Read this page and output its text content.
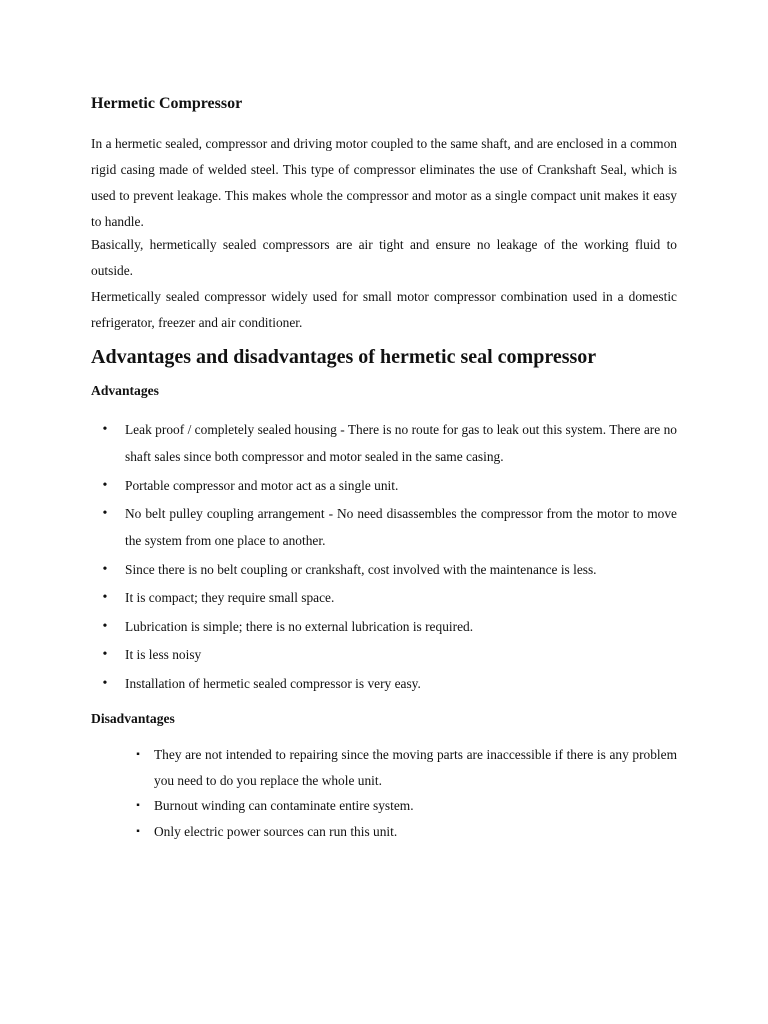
Hermetic Compressor

In a hermetic sealed, compressor and driving motor coupled to the same shaft, and are enclosed in a common rigid casing made of welded steel. This type of compressor eliminates the use of Crankshaft Seal, which is used to prevent leakage. This makes whole the compressor and motor as a single compact unit makes it easy to handle.

Basically, hermetically sealed compressors are air tight and ensure no leakage of the working fluid to outside.

Hermetically sealed compressor widely used for small motor compressor combination used in a domestic refrigerator, freezer and air conditioner.

Advantages and disadvantages of hermetic seal compressor
Advantages
• Leak proof / completely sealed housing - There is no route for gas to leak out this system. There are no shaft sales since both compressor and motor sealed in the same casing.
• Portable compressor and motor act as a single unit.
• No belt pulley coupling arrangement - No need disassembles the compressor from the motor to move the system from one place to another.
• Since there is no belt coupling or crankshaft, cost involved with the maintenance is less.
• It is compact; they require small space.
• Lubrication is simple; there is no external lubrication is required.
• It is less noisy
• Installation of hermetic sealed compressor is very easy.
Disadvantages
▪ They are not intended to repairing since the moving parts are inaccessible if there is any problem you need to do you replace the whole unit.
▪ Burnout winding can contaminate entire system.
▪ Only electric power sources can run this unit.
